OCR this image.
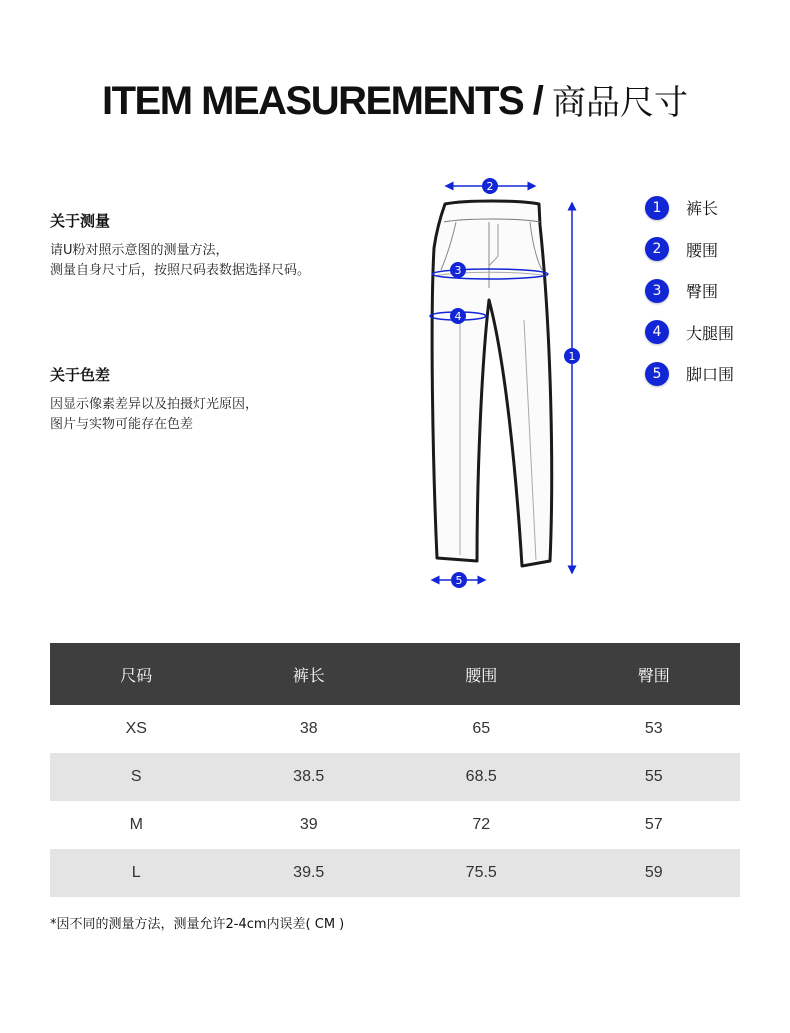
ITEM MEASUREMENTS / 商品尺寸
关于测量
请U粉对照示意图的测量方法，
测量自身尺寸后，按照尺码表数据选择尺码。
关于色差
因显示像素差异以及拍摄灯光原因，
图片与实物可能存在色差
2
1
3
4
5
1	裤长
2	腰围
3	臀围
4	大腿围
5	脚口围
尺码	裤长	腰围	臀围
XS	38	65	53
S	38.5	68.5	55
M	39	72	57
L	39.5	75.5	59
*因不同的测量方法，测量允许2-4cm内误差( CM )
